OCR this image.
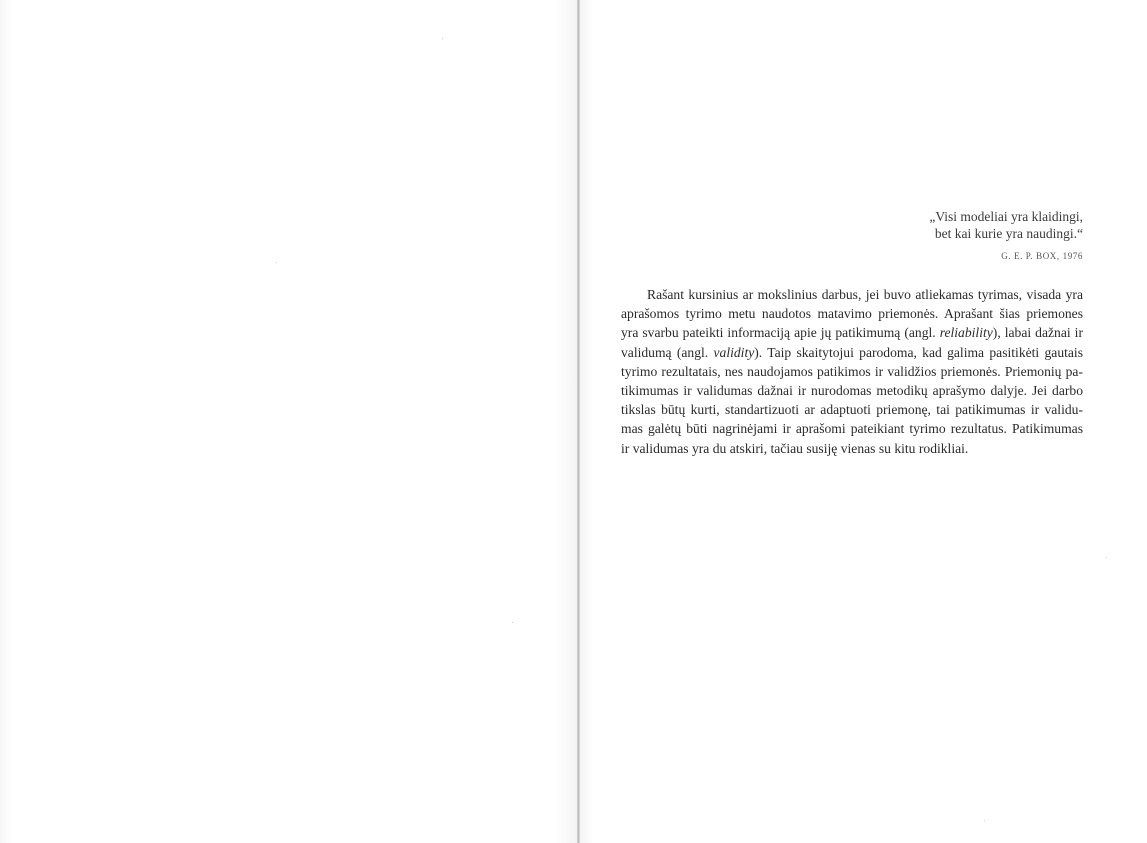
„Visi modeliai yra klaidingi,
bet kai kurie yra naudingi.“
G. E. P. BOX, 1976
Rašant kursinius ar mokslinius darbus, jei buvo atliekamas tyrimas, visada yra
aprašomos tyrimo metu naudotos matavimo priemonės. Aprašant šias priemones
yra svarbu pateikti informaciją apie jų patikimumą (angl. reliability), labai dažnai ir
validumą (angl. validity). Taip skaitytojui parodoma, kad galima pasitikėti gautais
tyrimo rezultatais, nes naudojamos patikimos ir validžios priemonės. Priemonių pa-
tikimumas ir validumas dažnai ir nurodomas metodikų aprašymo dalyje. Jei darbo
tikslas būtų kurti, standartizuoti ar adaptuoti priemonę, tai patikimumas ir validu-
mas galėtų būti nagrinėjami ir aprašomi pateikiant tyrimo rezultatus. Patikimumas
ir validumas yra du atskiri, tačiau susiję vienas su kitu rodikliai.
